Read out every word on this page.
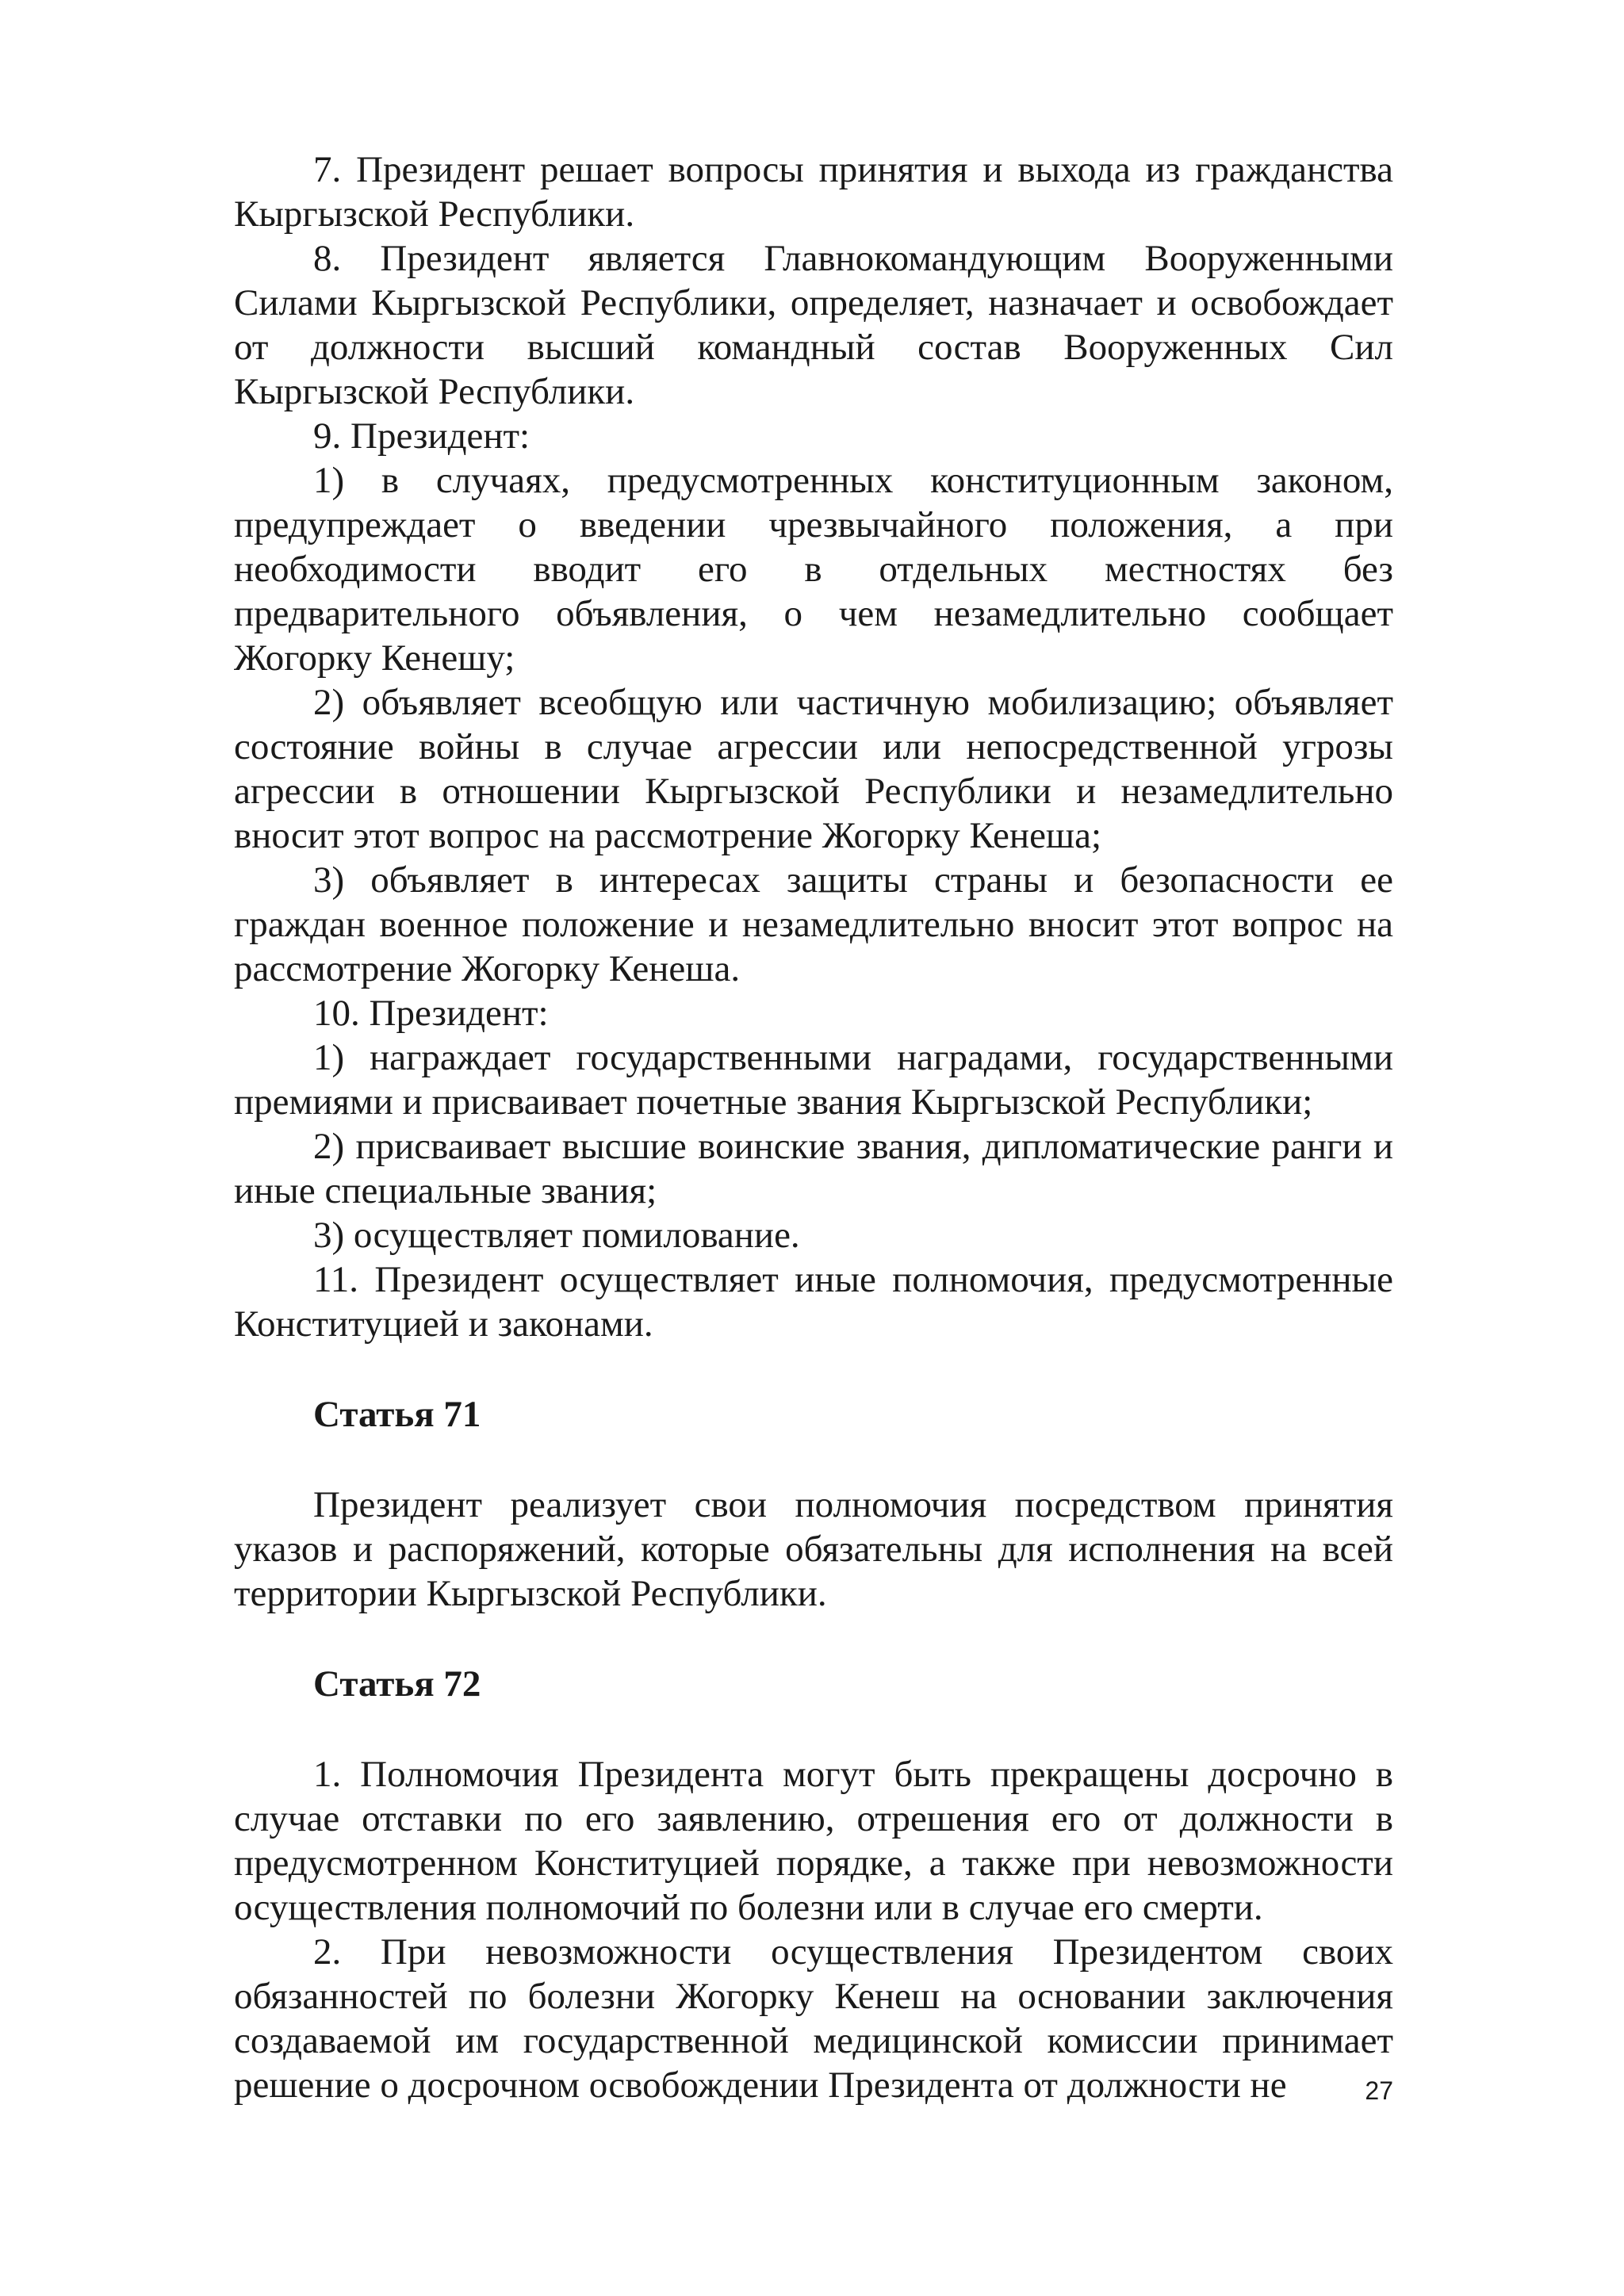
7. Президент решает вопросы принятия и выхода из гражданства Кыргызской Республики.

8. Президент является Главнокомандующим Вооруженными Силами Кыргызской Республики, определяет, назначает и освобождает от должности высший командный состав Вооруженных Сил Кыргызской Республики.

9. Президент:

1) в случаях, предусмотренных конституционным законом, предупреждает о введении чрезвычайного положения, а при необходимости вводит его в отдельных местностях без предварительного объявления, о чем незамедлительно сообщает Жогорку Кенешу;

2) объявляет всеобщую или частичную мобилизацию; объявляет состояние войны в случае агрессии или непосредственной угрозы агрессии в отношении Кыргызской Республики и незамедлительно вносит этот вопрос на рассмотрение Жогорку Кенеша;

3) объявляет в интересах защиты страны и безопасности ее граждан военное положение и незамедлительно вносит этот вопрос на рассмотрение Жогорку Кенеша.

10. Президент:

1) награждает государственными наградами, государственными премиями и присваивает почетные звания Кыргызской Республики;

2) присваивает высшие воинские звания, дипломатические ранги и иные специальные звания;

3) осуществляет помилование.

11. Президент осуществляет иные полномочия, предусмотренные Конституцией и законами.

Статья 71

Президент реализует свои полномочия посредством принятия указов и распоряжений, которые обязательны для исполнения на всей территории Кыргызской Республики.

Статья 72

1. Полномочия Президента могут быть прекращены досрочно в случае отставки по его заявлению, отрешения его от должности в предусмотренном Конституцией порядке, а также при невозможности осуществления полномочий по болезни или в случае его смерти.

2. При невозможности осуществления Президентом своих обязанностей по болезни Жогорку Кенеш на основании заключения создаваемой им государственной медицинской комиссии принимает решение о досрочном освобождении Президента от должности не	27
